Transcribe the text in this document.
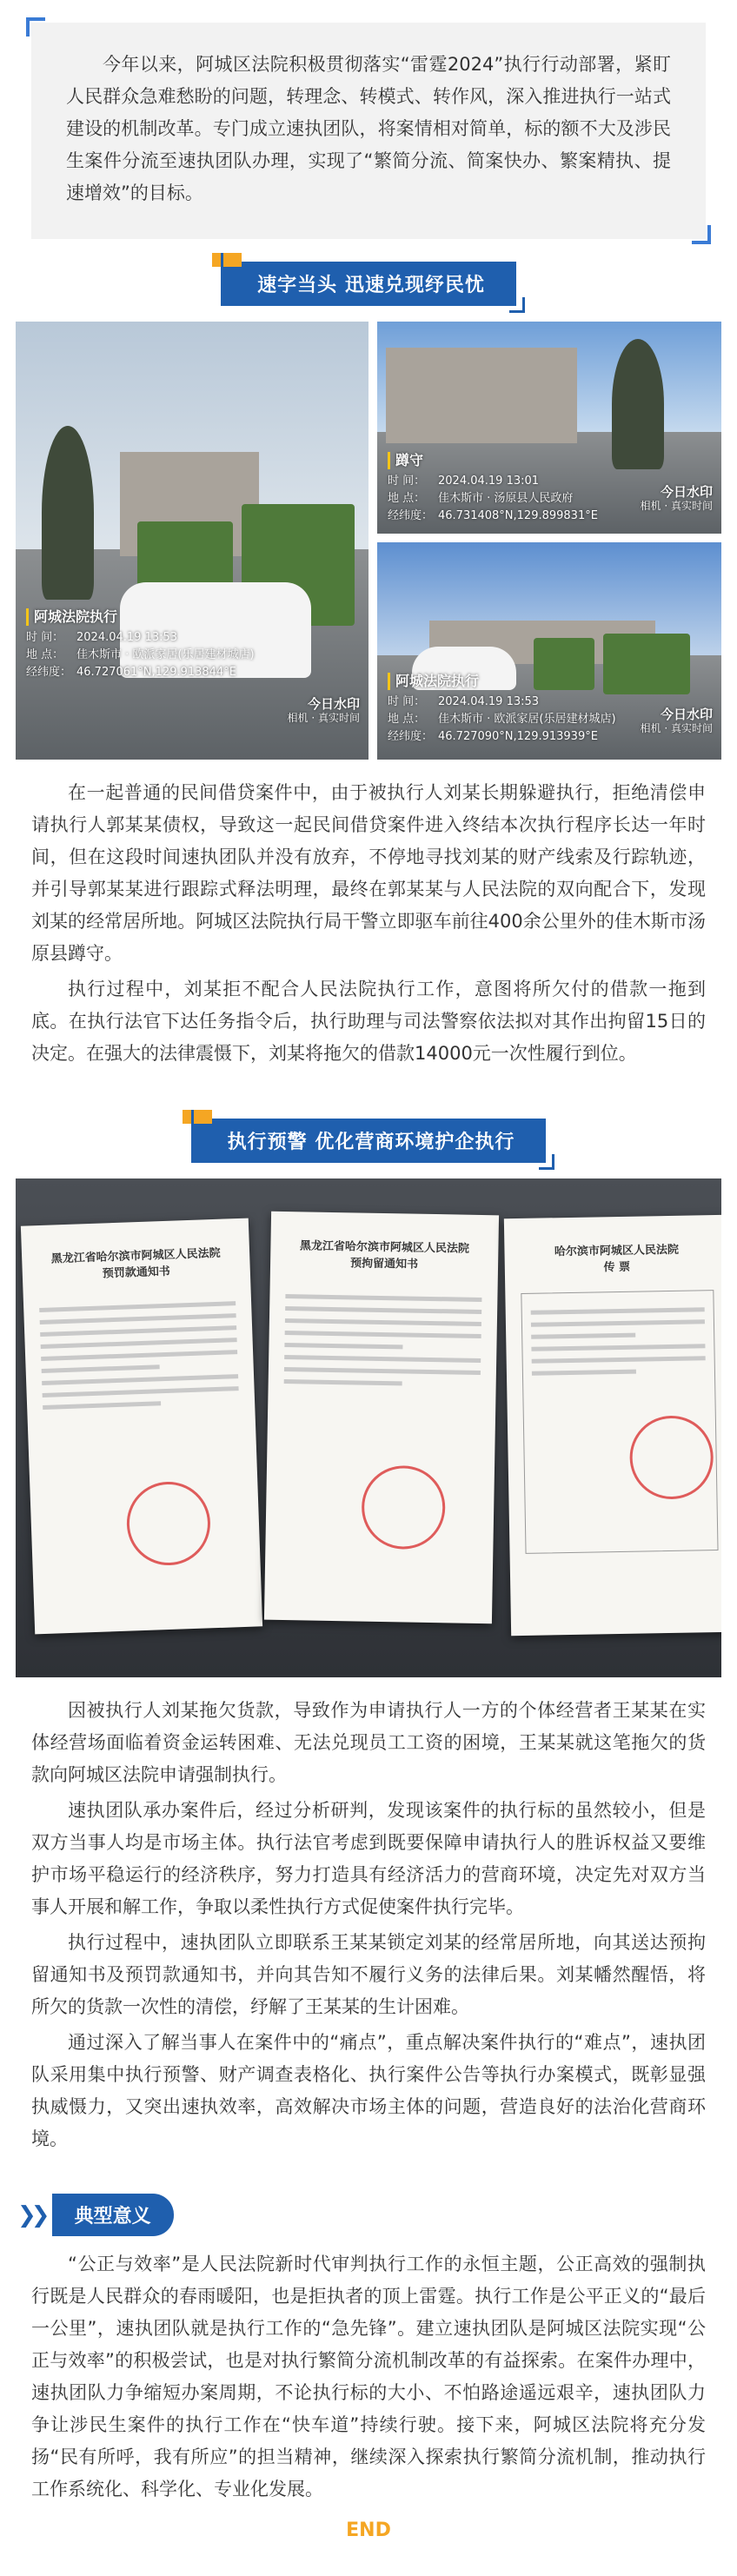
今年以来，阿城区法院积极贯彻落实“雷霆2024”执行行动部署，紧盯人民群众急难愁盼的问题，转理念、转模式、转作风，深入推进执行一站式建设的机制改革。专门成立速执团队，将案情相对简单，标的额不大及涉民生案件分流至速执团队办理，实现了“繁简分流、简案快办、繁案精执、提速增效”的目标。

速字当头 迅速兑现纾民忧
阿城法院执行
时 间：	2024.04.19 13:53
地 点：	佳木斯市 · 欧派家居(乐居建材城店)
经纬度： 46.727061°N,129.913844°E
今日水印
相机 · 真实时间
蹲守
时 间：	2024.04.19 13:01
地 点：	佳木斯市 · 汤原县人民政府
经纬度： 46.731408°N,129.899831°E
今日水印
相机 · 真实时间
阿城法院执行
时 间：	2024.04.19 13:53
地 点：	佳木斯市 · 欧派家居(乐居建材城店)
经纬度： 46.727090°N,129.913939°E
今日水印
相机 · 真实时间

在一起普通的民间借贷案件中，由于被执行人刘某长期躲避执行，拒绝清偿申请执行人郭某某债权，导致这一起民间借贷案件进入终结本次执行程序长达一年时间，但在这段时间速执团队并没有放弃，不停地寻找刘某的财产线索及行踪轨迹，并引导郭某某进行跟踪式释法明理，最终在郭某某与人民法院的双向配合下，发现刘某的经常居所地。阿城区法院执行局干警立即驱车前往400余公里外的佳木斯市汤原县蹲守。

执行过程中，刘某拒不配合人民法院执行工作，意图将所欠付的借款一拖到底。在执行法官下达任务指令后，执行助理与司法警察依法拟对其作出拘留15日的决定。在强大的法律震慑下，刘某将拖欠的借款14000元一次性履行到位。

执行预警 优化营商环境护企执行
黑龙江省哈尔滨市阿城区人民法院
预罚款通知书
黑龙江省哈尔滨市阿城区人民法院
预拘留通知书
哈尔滨市阿城区人民法院
传 票

因被执行人刘某拖欠货款，导致作为申请执行人一方的个体经营者王某某在实体经营场面临着资金运转困难、无法兑现员工工资的困境，王某某就这笔拖欠的货款向阿城区法院申请强制执行。

速执团队承办案件后，经过分析研判，发现该案件的执行标的虽然较小，但是双方当事人均是市场主体。执行法官考虑到既要保障申请执行人的胜诉权益又要维护市场平稳运行的经济秩序，努力打造具有经济活力的营商环境，决定先对双方当事人开展和解工作，争取以柔性执行方式促使案件执行完毕。

执行过程中，速执团队立即联系王某某锁定刘某的经常居所地，向其送达预拘留通知书及预罚款通知书，并向其告知不履行义务的法律后果。刘某幡然醒悟，将所欠的货款一次性的清偿，纾解了王某某的生计困难。

通过深入了解当事人在案件中的“痛点”，重点解决案件执行的“难点”，速执团队采用集中执行预警、财产调查表格化、执行案件公告等执行办案模式，既彰显强执威慑力，又突出速执效率，高效解决市场主体的问题，营造良好的法治化营商环境。

❯❯	典型意义

“公正与效率”是人民法院新时代审判执行工作的永恒主题，公正高效的强制执行既是人民群众的春雨暖阳，也是拒执者的顶上雷霆。执行工作是公平正义的“最后一公里”，速执团队就是执行工作的“急先锋”。建立速执团队是阿城区法院实现“公正与效率”的积极尝试，也是对执行繁简分流机制改革的有益探索。在案件办理中，速执团队力争缩短办案周期，不论执行标的大小、不怕路途遥远艰辛，速执团队力争让涉民生案件的执行工作在“快车道”持续行驶。接下来，阿城区法院将充分发扬“民有所呼，我有所应”的担当精神，继续深入探索执行繁简分流机制，推动执行工作系统化、科学化、专业化发展。

END
